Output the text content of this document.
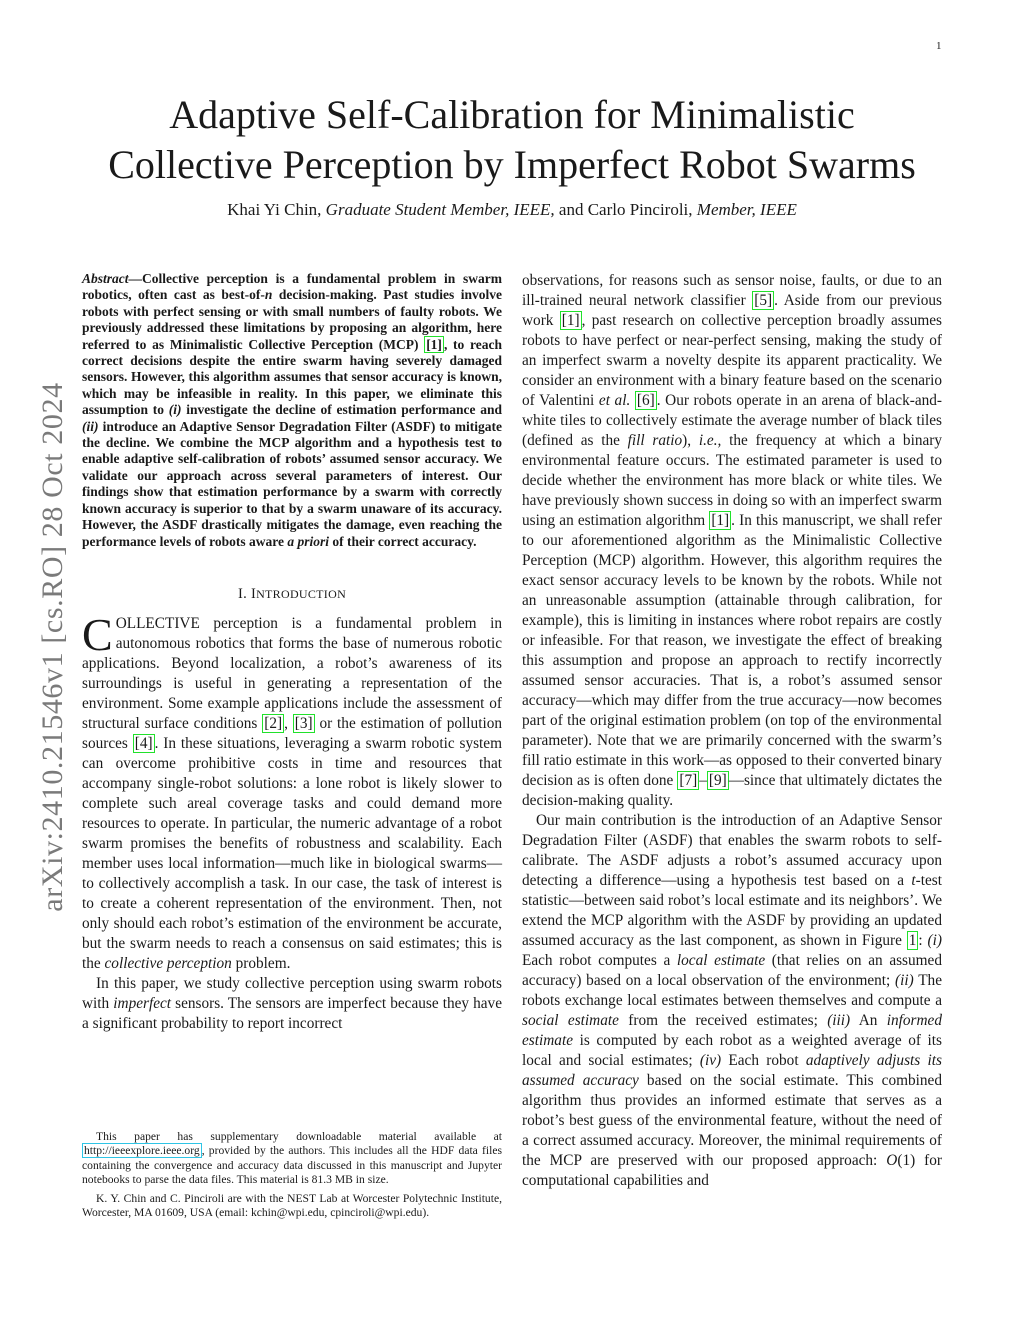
1
Adaptive Self-Calibration for Minimalistic
Collective Perception by Imperfect Robot Swarms
Khai Yi Chin, Graduate Student Member, IEEE, and Carlo Pinciroli, Member, IEEE
arXiv:2410.21546v1 [cs.RO] 28 Oct 2024

Abstract—Collective perception is a fundamental problem in swarm robotics, often cast as best-of-n decision-making. Past studies involve robots with perfect sensing or with small numbers of faulty robots. We previously addressed these limitations by proposing an algorithm, here referred to as Minimalistic Collective Perception (MCP) [1] , to reach correct decisions despite the entire swarm having severely damaged sensors. However, this algorithm assumes that sensor accuracy is known, which may be infeasible in reality. In this paper, we eliminate this assumption to (i) investigate the decline of estimation performance and (ii) introduce an Adaptive Sensor Degradation Filter (ASDF) to mitigate the decline. We combine the MCP algorithm and a hypothesis test to enable adaptive self-calibration of robots’ assumed sensor accuracy. We validate our approach across several parameters of interest. Our findings show that estimation performance by a swarm with correctly known accuracy is superior to that by a swarm unaware of its accuracy. However, the ASDF drastically mitigates the damage, even reaching the performance levels of robots aware a priori of their correct accuracy.

I. INTRODUCTION

COLLECTIVE perception is a fundamental problem in autonomous robotics that forms the base of numerous robotic applications. Beyond localization, a robot’s awareness of its surroundings is useful in generating a representation of the environment. Some example applications include the assessment of structural surface conditions [2] , [3] or the estimation of pollution sources [4] . In these situations, leveraging a swarm robotic system can overcome prohibitive costs in time and resources that accompany single-robot solutions: a lone robot is likely slower to complete such areal coverage tasks and could demand more resources to operate. In particular, the numeric advantage of a robot swarm promises the benefits of robustness and scalability. Each member uses local information—much like in biological swarms—to collectively accomplish a task. In our case, the task of interest is to create a coherent representation of the environment. Then, not only should each robot’s estimation of the environment be accurate, but the swarm needs to reach a consensus on said estimates; this is the collective perception problem.

In this paper, we study collective perception using swarm robots with imperfect sensors. The sensors are imperfect because they have a significant probability to report incorrect

This paper has supplementary downloadable material available at http://ieeexplore.ieee.org , provided by the authors. This includes all the HDF data files containing the convergence and accuracy data discussed in this manuscript and Jupyter notebooks to parse the data files. This material is 81.3 MB in size.

K. Y. Chin and C. Pinciroli are with the NEST Lab at Worcester Polytechnic Institute, Worcester, MA 01609, USA (email: kchin@wpi.edu, cpinciroli@wpi.edu).

observations, for reasons such as sensor noise, faults, or due to an ill-trained neural network classifier [5] . Aside from our previous work [1] , past research on collective perception broadly assumes robots to have perfect or near-perfect sensing, making the study of an imperfect swarm a novelty despite its apparent practicality. We consider an environment with a binary feature based on the scenario of Valentini et al. [6] . Our robots operate in an arena of black-and-white tiles to collectively estimate the average number of black tiles (defined as the fill ratio), i.e., the frequency at which a binary environmental feature occurs. The estimated parameter is used to decide whether the environment has more black or white tiles. We have previously shown success in doing so with an imperfect swarm using an estimation algorithm [1] . In this manuscript, we shall refer to our aforementioned algorithm as the Minimalistic Collective Perception (MCP) algorithm. However, this algorithm requires the exact sensor accuracy levels to be known by the robots. While not an unreasonable assumption (attainable through calibration, for example), this is limiting in instances where robot repairs are costly or infeasible. For that reason, we investigate the effect of breaking this assumption and propose an approach to rectify incorrectly assumed sensor accuracies. That is, a robot’s assumed sensor accuracy—which may differ from the true accuracy—now becomes part of the original estimation problem (on top of the environmental parameter). Note that we are primarily concerned with the swarm’s fill ratio estimate in this work—as opposed to their converted binary decision as is often done [7] – [9] —since that ultimately dictates the decision-making quality.

Our main contribution is the introduction of an Adaptive Sensor Degradation Filter (ASDF) that enables the swarm robots to self-calibrate. The ASDF adjusts a robot’s assumed accuracy upon detecting a difference—using a hypothesis test based on a t-test statistic—between said robot’s local estimate and its neighbors’. We extend the MCP algorithm with the ASDF by providing an updated assumed accuracy as the last component, as shown in Figure 1 : (i) Each robot computes a local estimate (that relies on an assumed accuracy) based on a local observation of the environment; (ii) The robots exchange local estimates between themselves and compute a social estimate from the received estimates; (iii) An informed estimate is computed by each robot as a weighted average of its local and social estimates; (iv) Each robot adaptively adjusts its assumed accuracy based on the social estimate. This combined algorithm thus provides an informed estimate that serves as a robot’s best guess of the environmental feature, without the need of a correct assumed accuracy. Moreover, the minimal requirements of the MCP are preserved with our proposed approach: O(1) for computational capabilities and
